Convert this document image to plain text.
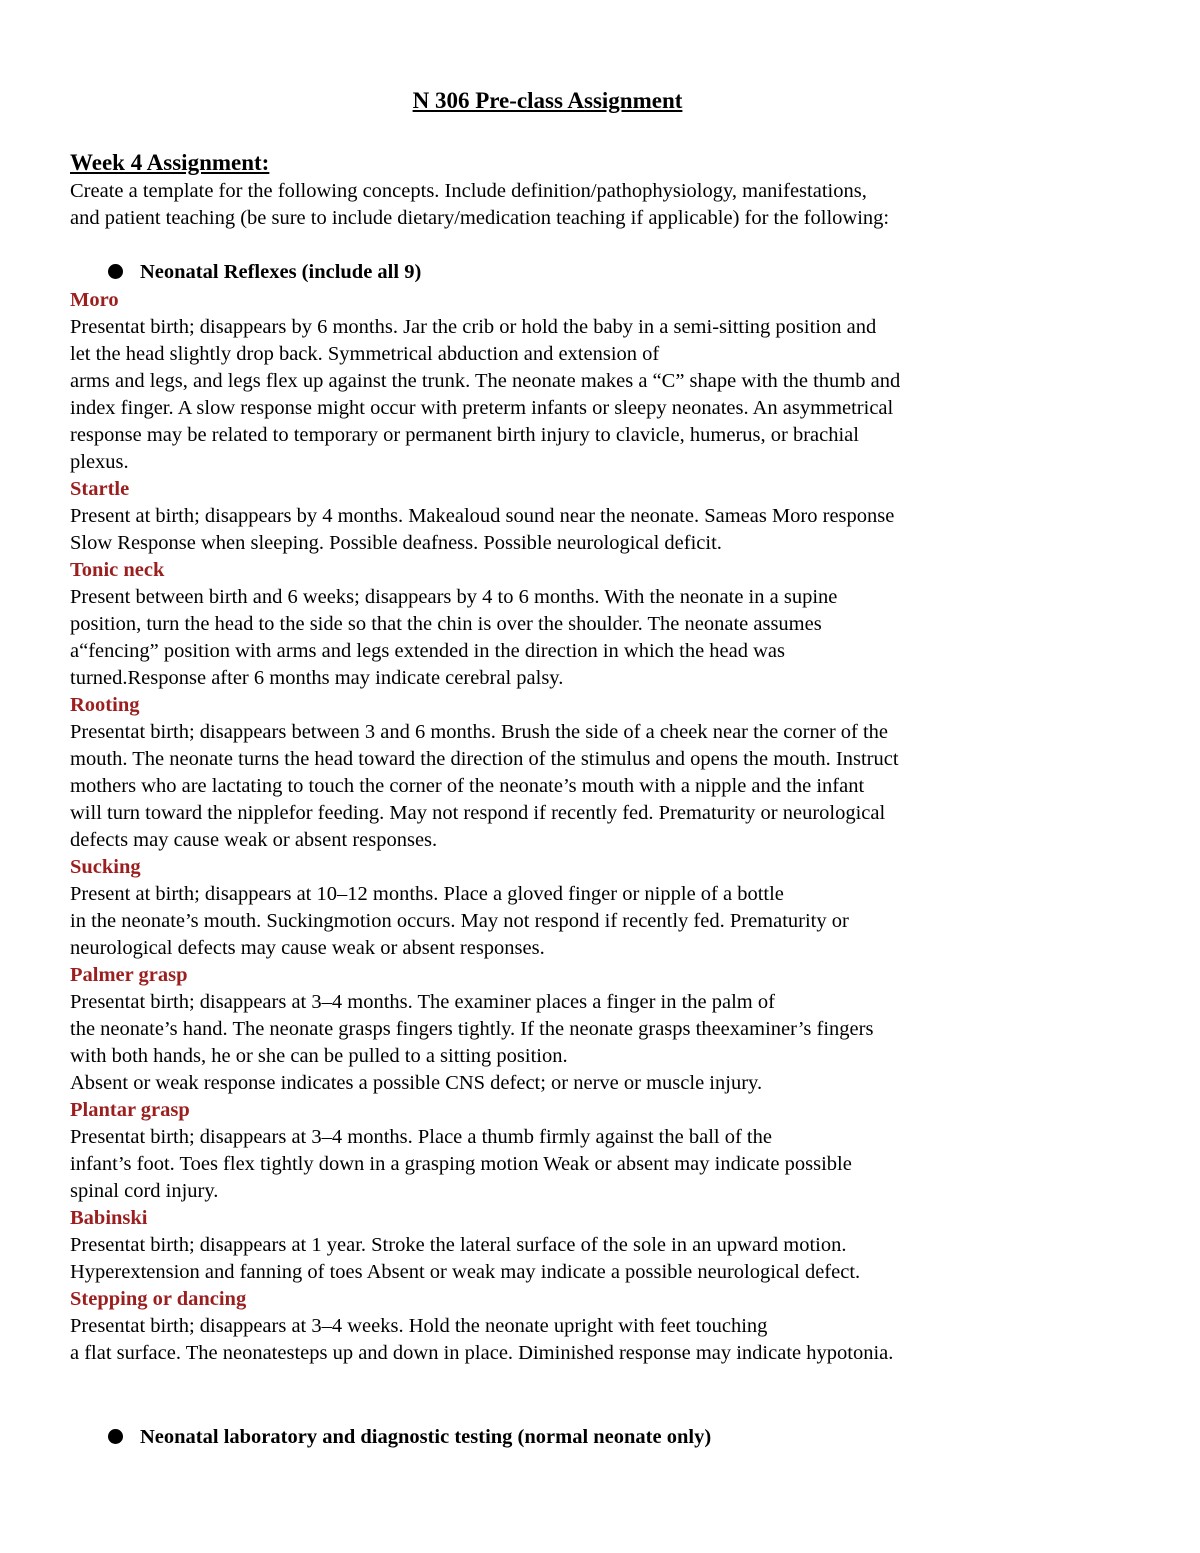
N 306 Pre-class Assignment
Week 4 Assignment:
Create a template for the following concepts. Include definition/pathophysiology, manifestations,
and patient teaching (be sure to include dietary/medication teaching if applicable) for the following:
Neonatal Reflexes (include all 9)
Moro
Presentat birth; disappears by 6 months. Jar the crib or hold the baby in a semi-sitting position and
let the head slightly drop back. Symmetrical abduction and extension of
arms and legs, and legs flex up against the trunk. The neonate makes a “C” shape with the thumb and
index finger. A slow response might occur with preterm infants or sleepy neonates. An asymmetrical
response may be related to temporary or permanent birth injury to clavicle, humerus, or brachial
plexus.
Startle
Present at birth; disappears by 4 months. Makealoud sound near the neonate. Sameas Moro response
Slow Response when sleeping. Possible deafness. Possible neurological deficit.
Tonic neck
Present between birth and 6 weeks; disappears by 4 to 6 months. With the neonate in a supine
position, turn the head to the side so that the chin is over the shoulder. The neonate assumes
a“fencing” position with arms and legs extended in the direction in which the head was
turned.Response after 6 months may indicate cerebral palsy.
Rooting
Presentat birth; disappears between 3 and 6 months. Brush the side of a cheek near the corner of the
mouth. The neonate turns the head toward the direction of the stimulus and opens the mouth. Instruct
mothers who are lactating to touch the corner of the neonate’s mouth with a nipple and the infant
will turn toward the nipplefor feeding. May not respond if recently fed. Prematurity or neurological
defects may cause weak or absent responses.
Sucking
Present at birth; disappears at 10–12 months. Place a gloved finger or nipple of a bottle
in the neonate’s mouth. Suckingmotion occurs. May not respond if recently fed. Prematurity or
neurological defects may cause weak or absent responses.
Palmer grasp
Presentat birth; disappears at 3–4 months. The examiner places a finger in the palm of
the neonate’s hand. The neonate grasps fingers tightly. If the neonate grasps theexaminer’s fingers
with both hands, he or she can be pulled to a sitting position.
Absent or weak response indicates a possible CNS defect; or nerve or muscle injury.
Plantar grasp
Presentat birth; disappears at 3–4 months. Place a thumb firmly against the ball of the
infant’s foot. Toes flex tightly down in a grasping motion Weak or absent may indicate possible
spinal cord injury.
Babinski
Presentat birth; disappears at 1 year. Stroke the lateral surface of the sole in an upward motion.
Hyperextension and fanning of toes Absent or weak may indicate a possible neurological defect.
Stepping or dancing
Presentat birth; disappears at 3–4 weeks. Hold the neonate upright with feet touching
a flat surface. The neonatesteps up and down in place. Diminished response may indicate hypotonia.
Neonatal laboratory and diagnostic testing (normal neonate only)
